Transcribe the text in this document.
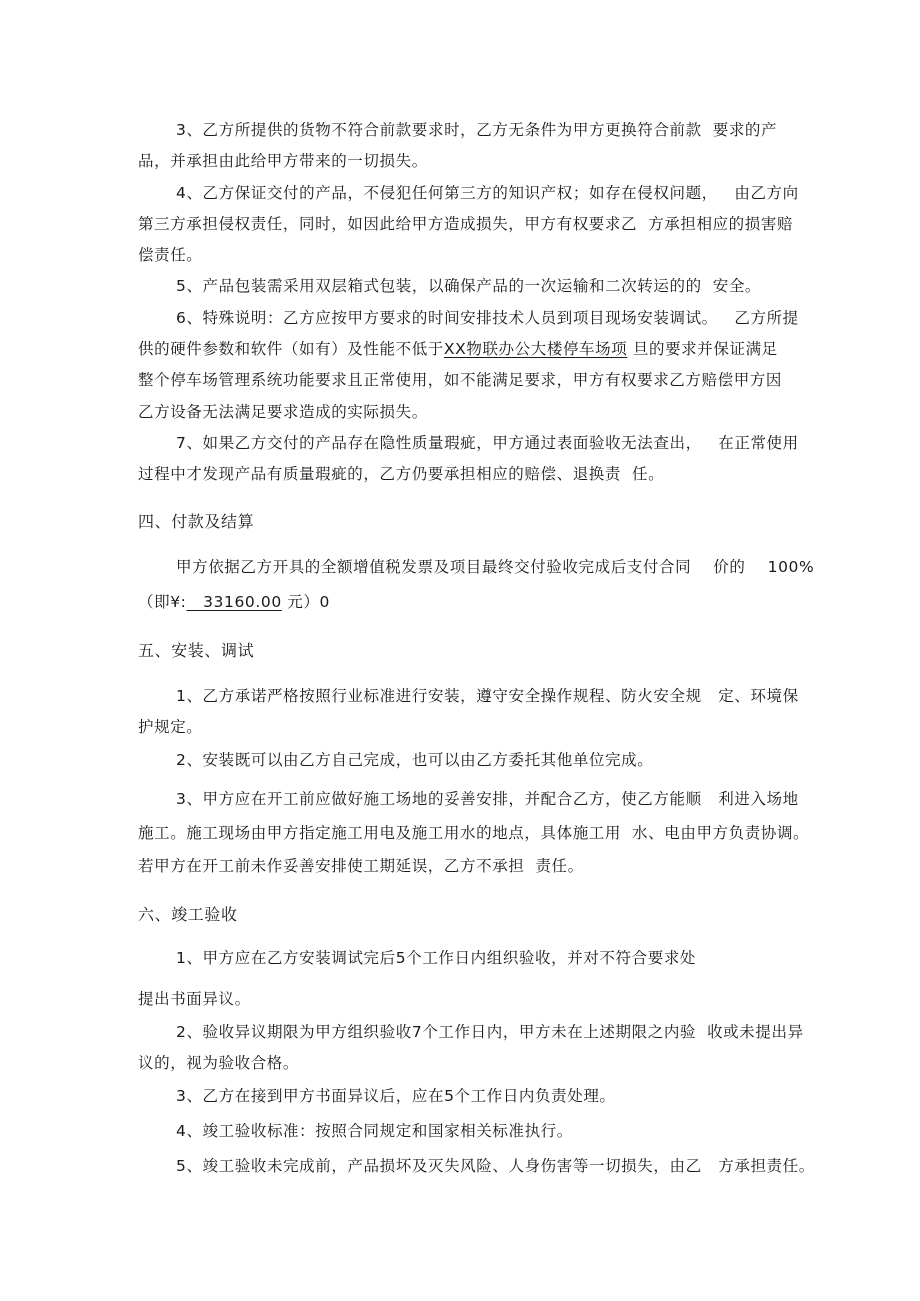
3、乙方所提供的货物不符合前款要求时，乙方无条件为甲方更换符合前款  要求的产
品，并承担由此给甲方带来的一切损失。
4、乙方保证交付的产品，不侵犯任何第三方的知识产权；如存在侵权问题，   由乙方向
第三方承担侵权责任，同时，如因此给甲方造成损失，甲方有权要求乙  方承担相应的损害赔
偿责任。
5、产品包装需采用双层箱式包装，以确保产品的一次运输和二次转运的的  安全。
6、特殊说明：乙方应按甲方要求的时间安排技术人员到项目现场安装调试。   乙方所提
供的硬件参数和软件（如有）及性能不低于XX物联办公大楼停车场项 旦的要求并保证满足
整个停车场管理系统功能要求且正常使用，如不能满足要求，甲方有权要求乙方赔偿甲方因
乙方设备无法满足要求造成的实际损失。
7、如果乙方交付的产品存在隐性质量瑕疵，甲方通过表面验收无法查出，   在正常使用
过程中才发现产品有质量瑕疵的，乙方仍要承担相应的赔偿、退换责  任。
四、付款及结算
甲方依据乙方开具的全额增值税发票及项目最终交付验收完成后支付合同    价的    100%
（即¥:   33160.00 元）0
五、安装、调试
1、乙方承诺严格按照行业标准进行安装，遵守安全操作规程、防火安全规   定、环境保
护规定。
2、安装既可以由乙方自己完成，也可以由乙方委托其他单位完成。
3、甲方应在开工前应做好施工场地的妥善安排，并配合乙方，使乙方能顺   利进入场地
施工。施工现场由甲方指定施工用电及施工用水的地点，具体施工用  水、电由甲方负责协调。
若甲方在开工前未作妥善安排使工期延误，乙方不承担  责任。
六、竣工验收
1、甲方应在乙方安装调试完后5个工作日内组织验收，并对不符合要求处
提出书面异议。
2、验收异议期限为甲方组织验收7个工作日内，甲方未在上述期限之内验  收或未提出异
议的，视为验收合格。
3、乙方在接到甲方书面异议后，应在5个工作日内负责处理。
4、竣工验收标准：按照合同规定和国家相关标准执行。
5、竣工验收未完成前，产品损坏及灭失风险、人身伤害等一切损失，由乙   方承担责任。
